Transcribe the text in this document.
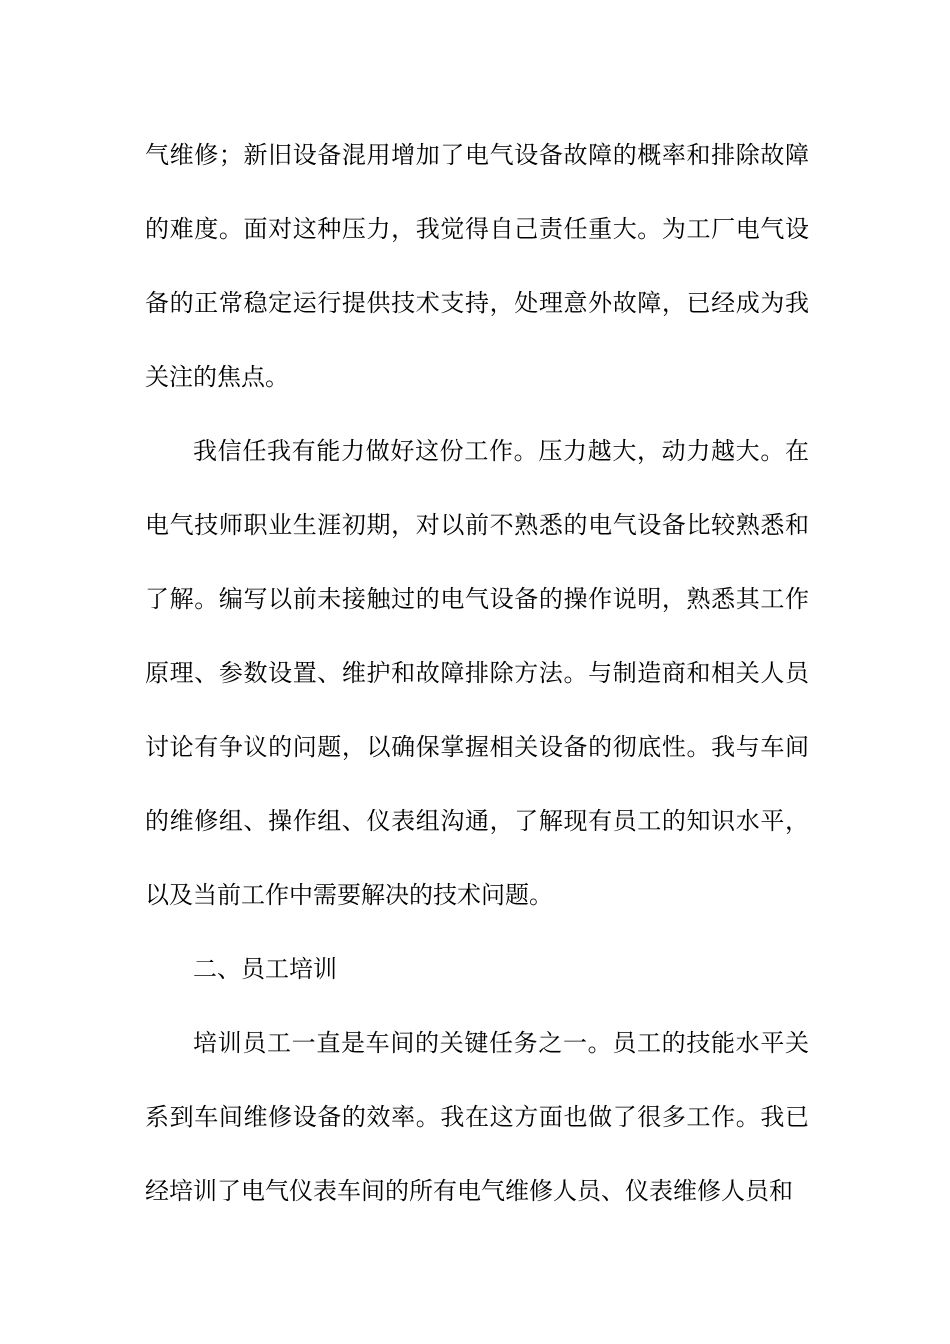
气维修；新旧设备混用增加了电气设备故障的概率和排除故障的难度。面对这种压力，我觉得自己责任重大。为工厂电气设备的正常稳定运行提供技术支持，处理意外故障，已经成为我关注的焦点。

我信任我有能力做好这份工作。压力越大，动力越大。在电气技师职业生涯初期，对以前不熟悉的电气设备比较熟悉和了解。编写以前未接触过的电气设备的操作说明，熟悉其工作原理、参数设置、维护和故障排除方法。与制造商和相关人员讨论有争议的问题，以确保掌握相关设备的彻底性。我与车间的维修组、操作组、仪表组沟通，了解现有员工的知识水平，以及当前工作中需要解决的技术问题。

二、员工培训

培训员工一直是车间的关键任务之一。员工的技能水平关系到车间维修设备的效率。我在这方面也做了很多工作。我已经培训了电气仪表车间的所有电气维修人员、仪表维修人员和
